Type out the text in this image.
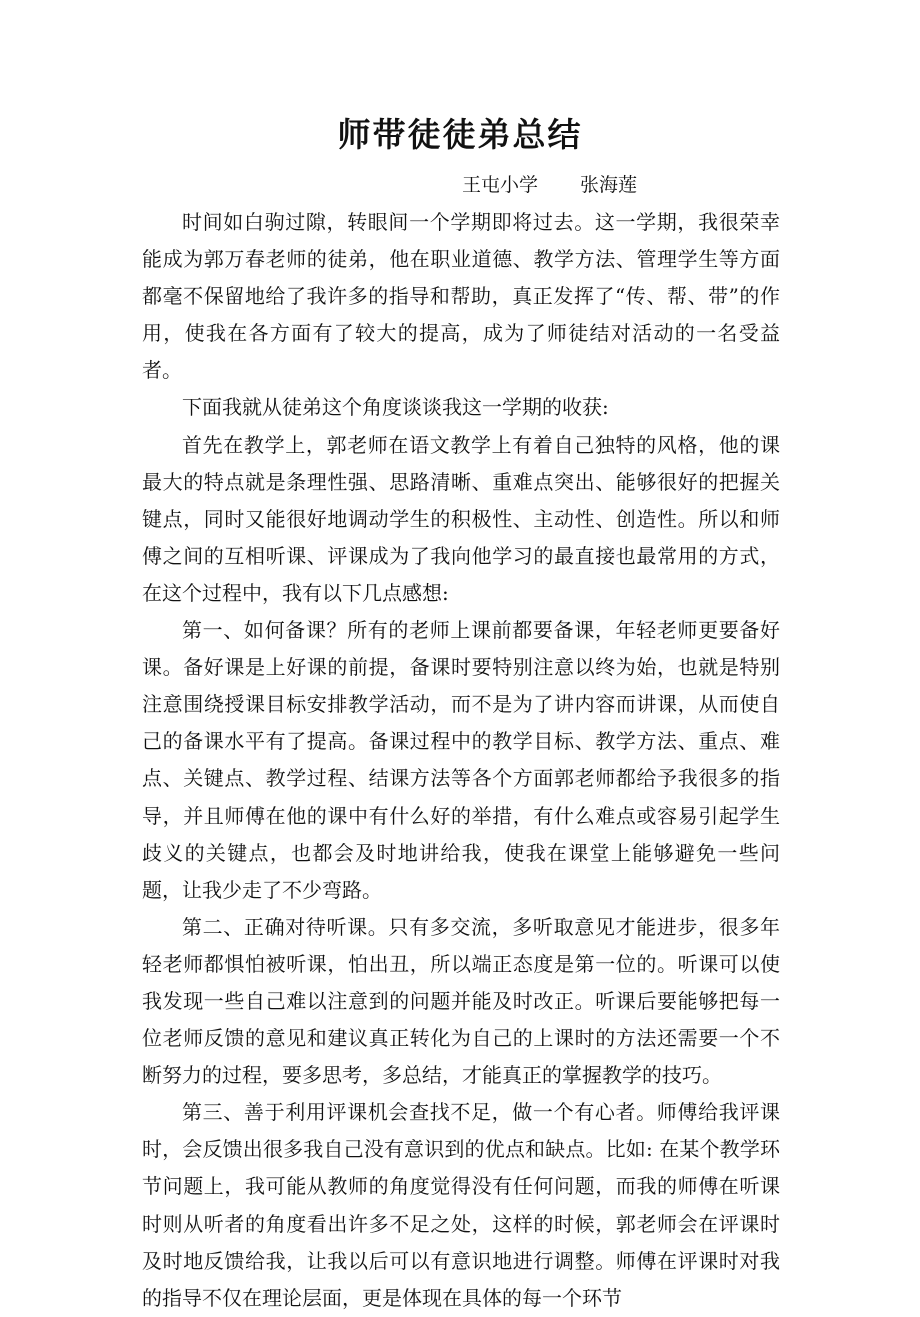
师带徒徒弟总结
王屯小学 张海莲

时间如白驹过隙，转眼间一个学期即将过去。这一学期，我很荣幸能成为郭万春老师的徒弟，他在职业道德、教学方法、管理学生等方面都毫不保留地给了我许多的指导和帮助，真正发挥了“传、帮、带”的作用，使我在各方面有了较大的提高，成为了师徒结对活动的一名受益者。

下面我就从徒弟这个角度谈谈我这一学期的收获:

首先在教学上，郭老师在语文教学上有着自己独特的风格，他的课最大的特点就是条理性强、思路清晰、重难点突出、能够很好的把握关键点，同时又能很好地调动学生的积极性、主动性、创造性。所以和师傅之间的互相听课、评课成为了我向他学习的最直接也最常用的方式，在这个过程中，我有以下几点感想:

第一、如何备课？所有的老师上课前都要备课，年轻老师更要备好课。备好课是上好课的前提，备课时要特别注意以终为始，也就是特别注意围绕授课目标安排教学活动，而不是为了讲内容而讲课，从而使自己的备课水平有了提高。备课过程中的教学目标、教学方法、重点、难点、关键点、教学过程、结课方法等各个方面郭老师都给予我很多的指导，并且师傅在他的课中有什么好的举措，有什么难点或容易引起学生歧义的关键点，也都会及时地讲给我，使我在课堂上能够避免一些问题，让我少走了不少弯路。

第二、正确对待听课。只有多交流，多听取意见才能进步，很多年轻老师都惧怕被听课，怕出丑，所以端正态度是第一位的。听课可以使我发现一些自己难以注意到的问题并能及时改正。听课后要能够把每一位老师反馈的意见和建议真正转化为自己的上课时的方法还需要一个不断努力的过程，要多思考，多总结，才能真正的掌握教学的技巧。

第三、善于利用评课机会查找不足，做一个有心者。师傅给我评课时，会反馈出很多我自己没有意识到的优点和缺点。比如: 在某个教学环节问题上，我可能从教师的角度觉得没有任何问题，而我的师傅在听课时则从听者的角度看出许多不足之处，这样的时候，郭老师会在评课时及时地反馈给我，让我以后可以有意识地进行调整。师傅在评课时对我的指导不仅在理论层面，更是体现在具体的每一个环节
